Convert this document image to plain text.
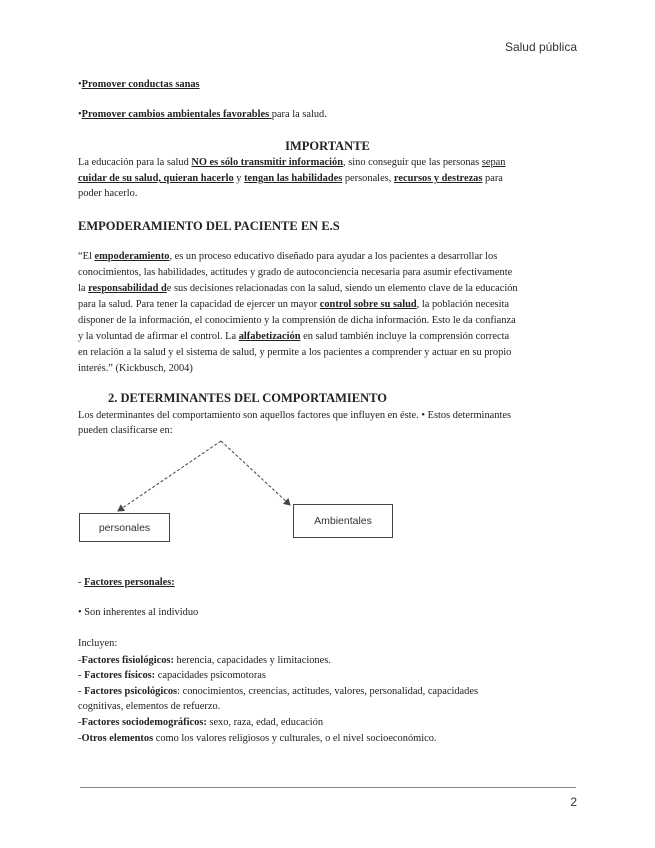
Salud pública
•Promover conductas sanas
•Promover cambios ambientales favorables para la salud.
IMPORTANTE
La educación para la salud NO es sólo transmitir información, sino conseguir que las personas sepan
cuidar de su salud, quieran hacerlo y tengan las habilidades personales, recursos y destrezas para
poder hacerlo.
EMPODERAMIENTO DEL PACIENTE EN E.S
“El empoderamiento, es un proceso educativo diseñado para ayudar a los pacientes a desarrollar los
conocimientos, las habilidades, actitudes y grado de autoconciencia necesaria para asumir efectivamente
la responsabilidad de sus decisiones relacionadas con la salud, siendo un elemento clave de la educación
para la salud. Para tener la capacidad de ejercer un mayor control sobre su salud, la población necesita
disponer de la información, el conocimiento y la comprensión de dicha información. Esto le da confianza
y la voluntad de afirmar el control. La alfabetización en salud también incluye la comprensión correcta
en relación a la salud y el sistema de salud, y permite a los pacientes a comprender y actuar en su propio
interés.” (Kickbusch, 2004)
2. DETERMINANTES DEL COMPORTAMIENTO
Los determinantes del comportamiento son aquellos factores que influyen en éste. • Estos determinantes
pueden clasificarse en:
personales
Ambientales
- Factores personales:
• Son inherentes al individuo
Incluyen:
-Factores fisiológicos: herencia, capacidades y limitaciones.
- Factores físicos: capacidades psicomotoras
- Factores psicológicos: conocimientos, creencias, actitudes, valores, personalidad, capacidades
cognitivas, elementos de refuerzo.
-Factores sociodemográficos: sexo, raza, edad, educación
-Otros elementos como los valores religiosos y culturales, o el nivel socioeconómico.
2
